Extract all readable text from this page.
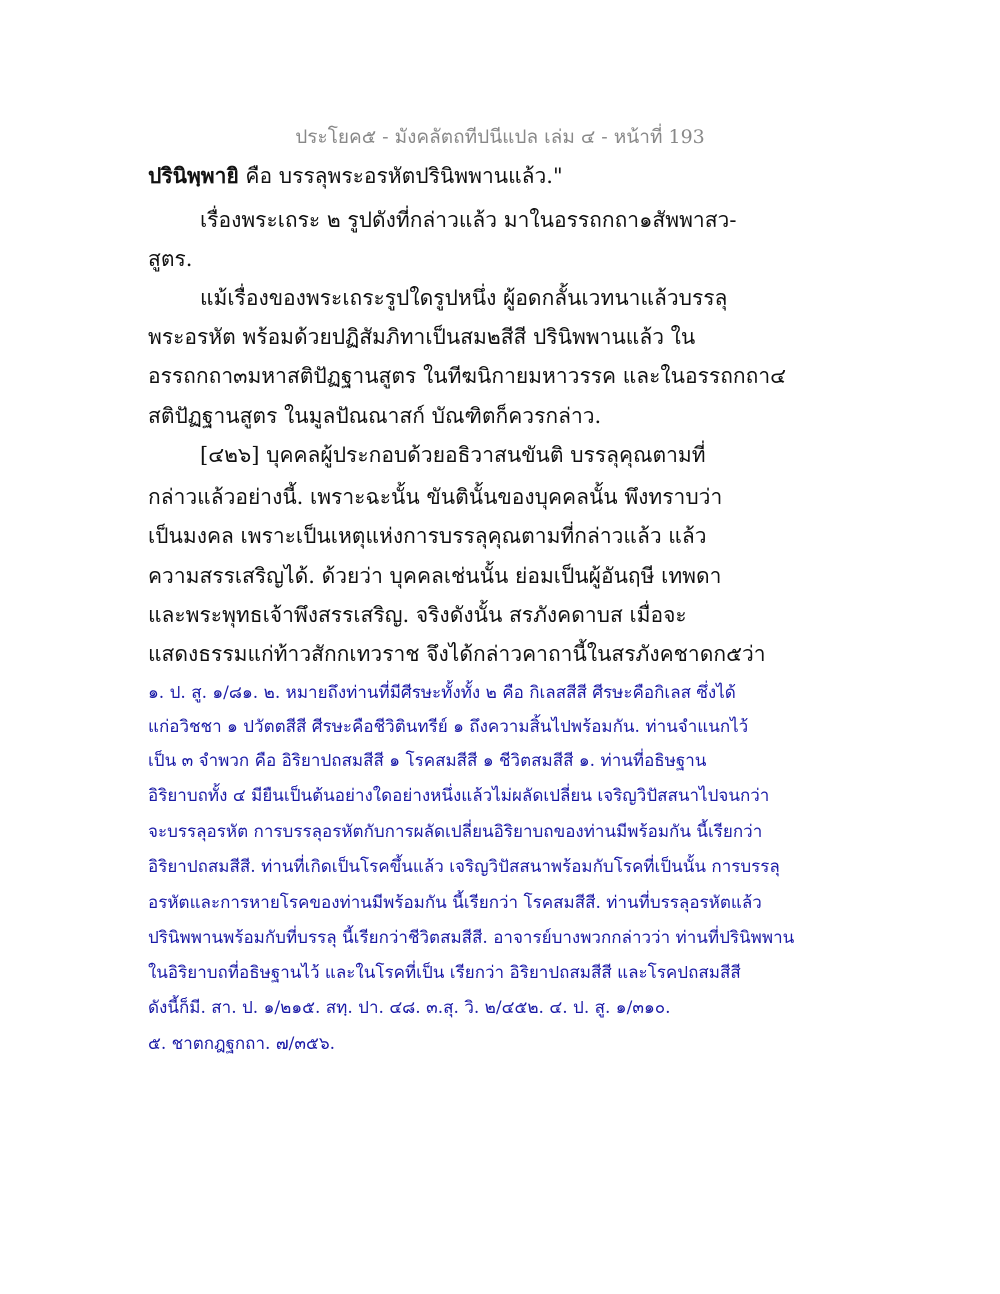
ประโยค๕ - มังคลัตถทีปนีแปล เล่ม ๔ - หน้าที่ 193
ปรินิพฺพายิ คือ บรรลุพระอรหัตปรินิพพานแล้ว."
เรื่องพระเถระ ๒ รูปดังที่กล่าวแล้ว มาในอรรถกถา๑สัพพาสว-
สูตร.
แม้เรื่องของพระเถระรูปใดรูปหนึ่ง ผู้อดกลั้นเวทนาแล้วบรรลุ
พระอรหัต พร้อมด้วยปฏิสัมภิทาเป็นสม๒สีสี ปรินิพพานแล้ว ใน
อรรถกถา๓มหาสติปัฏฐานสูตร ในทีฆนิกายมหาวรรค และในอรรถกถา๔
สติปัฏฐานสูตร ในมูลปัณณาสก์ บัณฑิตก็ควรกล่าว.
[๔๒๖] บุคคลผู้ประกอบด้วยอธิวาสนขันติ บรรลุคุณตามที่
กล่าวแล้วอย่างนี้. เพราะฉะนั้น ขันตินั้นของบุคคลนั้น พึงทราบว่า
เป็นมงคล เพราะเป็นเหตุแห่งการบรรลุคุณตามที่กล่าวแล้ว แล้ว
ความสรรเสริญได้. ด้วยว่า บุคคลเช่นนั้น ย่อมเป็นผู้อันฤษี เทพดา
และพระพุทธเจ้าพึงสรรเสริญ. จริงดังนั้น สรภังคดาบส เมื่อจะ
แสดงธรรมแก่ท้าวสักกเทวราช จึงได้กล่าวคาถานี้ในสรภังคชาดก๕ว่า
๑. ป. สู. ๑/๘๑. ๒. หมายถึงท่านที่มีศีรษะทั้งทั้ง ๒ คือ กิเลสสีสี ศีรษะคือกิเลส ซึ่งได้
แก่อวิชชา ๑ ปวัตตสีสี ศีรษะคือชีวิตินทรีย์ ๑ ถึงความสิ้นไปพร้อมกัน. ท่านจำแนกไว้
เป็น ๓ จำพวก คือ อิริยาปถสมสีสี ๑ โรคสมสีสี ๑ ชีวิตสมสีสี ๑. ท่านที่อธิษฐาน
อิริยาบถทั้ง ๔ มียืนเป็นต้นอย่างใดอย่างหนึ่งแล้วไม่ผลัดเปลี่ยน เจริญวิปัสสนาไปจนกว่า
จะบรรลุอรหัต การบรรลุอรหัตกับการผลัดเปลี่ยนอิริยาบถของท่านมีพร้อมกัน นี้เรียกว่า
อิริยาปถสมสีสี. ท่านที่เกิดเป็นโรคขึ้นแล้ว เจริญวิปัสสนาพร้อมกับโรคที่เป็นนั้น การบรรลุ
อรหัตและการหายโรคของท่านมีพร้อมกัน นี้เรียกว่า โรคสมสีสี. ท่านที่บรรลุอรหัตแล้ว
ปรินิพพานพร้อมกับที่บรรลุ นี้เรียกว่าชีวิตสมสีสี. อาจารย์บางพวกกล่าวว่า ท่านที่ปรินิพพาน
ในอิริยาบถที่อธิษฐานไว้ และในโรคที่เป็น เรียกว่า อิริยาปถสมสีสี และโรคปถสมสีสี
ดังนี้ก็มี. สา. ป. ๑/๒๑๕. สทฺ. ปา. ๔๘. ๓.สุ. วิ. ๒/๔๕๒. ๔. ป. สู. ๑/๓๑๐.
๕. ชาตกฎฐกถา. ๗/๓๕๖.
